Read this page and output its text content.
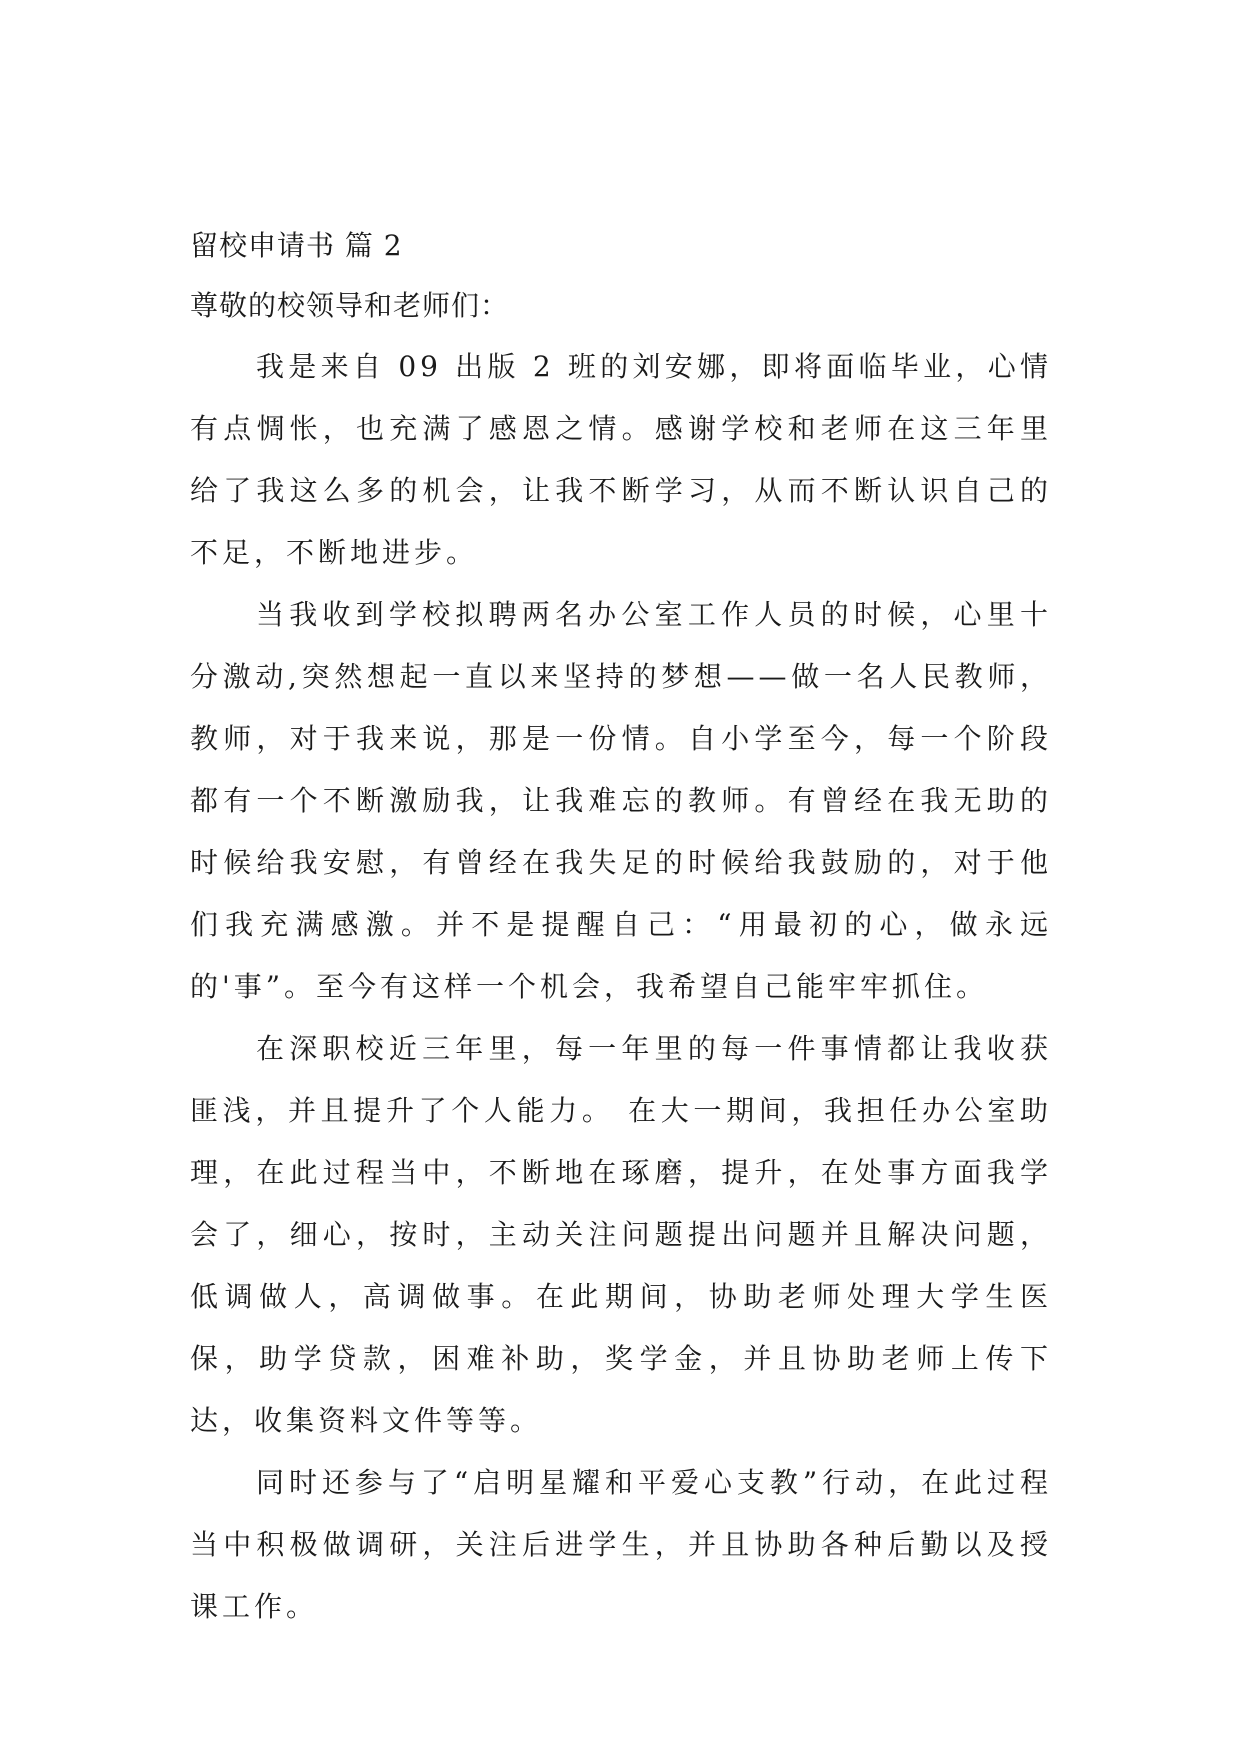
留校申请书 篇 2

尊敬的校领导和老师们：

我是来自 09 出版 2 班的刘安娜，即将面临毕业，心情有点惆怅，也充满了感恩之情。感谢学校和老师在这三年里给了我这么多的机会，让我不断学习，从而不断认识自己的不足，不断地进步。

当我收到学校拟聘两名办公室工作人员的时候，心里十分激动,突然想起一直以来坚持的梦想——做一名人民教师，教师，对于我来说，那是一份情。自小学至今，每一个阶段都有一个不断激励我，让我难忘的教师。有曾经在我无助的时候给我安慰，有曾经在我失足的时候给我鼓励的，对于他们我充满感激。并不是提醒自己：“用最初的心，做永远的'事”。至今有这样一个机会，我希望自己能牢牢抓住。

在深职校近三年里，每一年里的每一件事情都让我收获匪浅，并且提升了个人能力。 在大一期间，我担任办公室助理，在此过程当中，不断地在琢磨，提升，在处事方面我学会了，细心，按时，主动关注问题提出问题并且解决问题，低调做人，高调做事。在此期间，协助老师处理大学生医保，助学贷款，困难补助，奖学金，并且协助老师上传下达，收集资料文件等等。

同时还参与了“启明星耀和平爱心支教”行动，在此过程当中积极做调研，关注后进学生，并且协助各种后勤以及授课工作。
